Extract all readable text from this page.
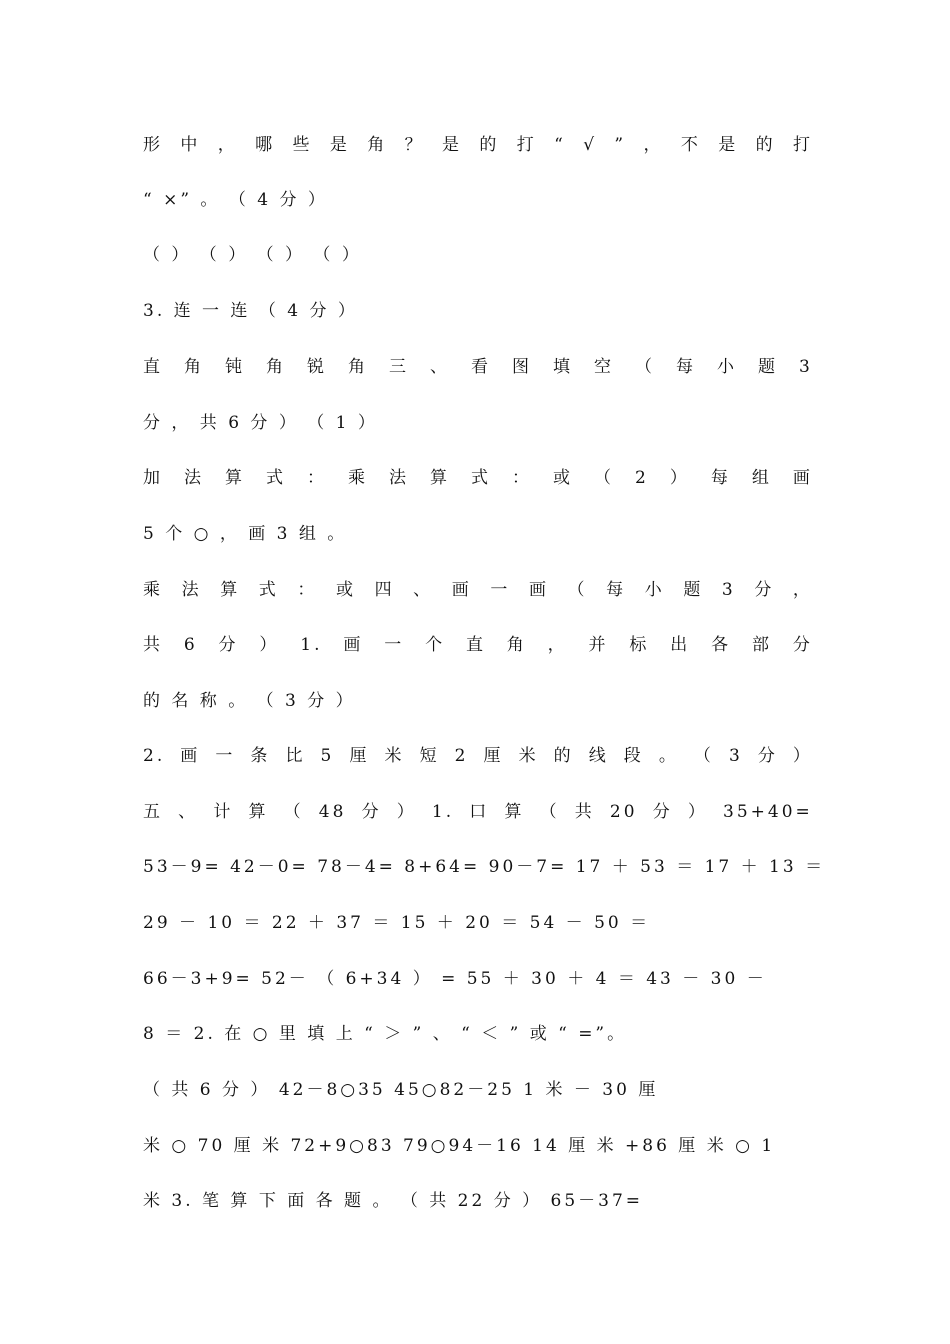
形 中 ， 哪 些 是 角 ？ 是 的 打 “ √ ” ， 不 是 的 打
“ ×” 。 （ 4 分 ）
（ ） （ ） （ ） （ ）
3. 连 一 连 （ 4 分 ）
直 角 钝 角 锐 角 三 、 看 图 填 空 （ 每 小 题 3
分 ， 共 6 分 ） （ 1 ）
加 法 算 式 ： 乘 法 算 式 ： 或 （ 2 ） 每 组 画
5 个 ○ ， 画 3 组 。
乘 法 算 式 ： 或 四 、 画 一 画 （ 每 小 题 3 分 ，
共 6 分 ） 1. 画 一 个 直 角 ， 并 标 出 各 部 分
的 名 称 。 （ 3 分 ）
2. 画 一 条 比 5 厘 米 短 2 厘 米 的 线 段 。 （ 3 分 ）
五 、 计 算 （ 48 分 ） 1. 口 算 （ 共 20 分 ） 35+40=
53－9= 42－0= 78－4= 8+64= 90－7= 17 ＋ 53 ＝ 17 ＋ 13 ＝
29 － 10 ＝ 22 ＋ 37 ＝ 15 ＋ 20 ＝ 54 － 50 ＝
66－3+9= 52－ （ 6+34 ） = 55 ＋ 30 ＋ 4 ＝ 43 － 30 －
8 ＝ 2. 在 ○ 里 填 上 “ ＞ ” 、 “ ＜ ” 或 “ =”。
（ 共 6 分 ） 42－8○35 45○82－25 1 米 － 30 厘
米 ○ 70 厘 米 72+9○83 79○94－16 14 厘 米 +86 厘 米 ○ 1
米 3. 笔 算 下 面 各 题 。 （ 共 22 分 ） 65－37=
